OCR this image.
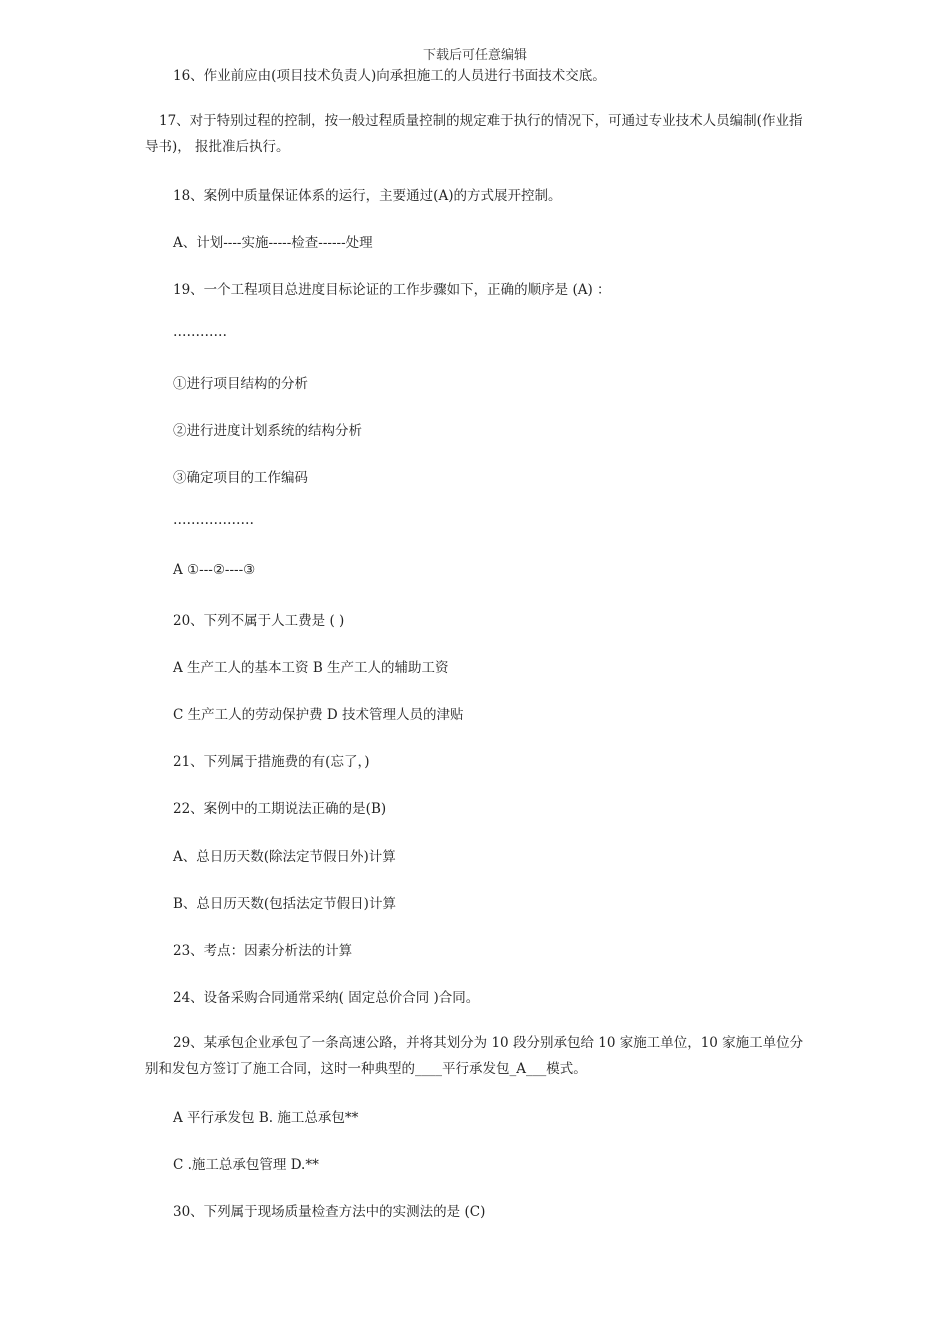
下载后可任意编辑
16、作业前应由(项目技术负责人)向承担施工的人员进行书面技术交底。
17、对于特别过程的控制，按一般过程质量控制的规定难于执行的情况下，可通过专业技术人员编制(作业指导书)， 报批准后执行。
18、案例中质量保证体系的运行，主要通过(A)的方式展开控制。
A、计划----实施-----检查------处理
19、一个工程项目总进度目标论证的工作步骤如下，正确的顺序是 (A) ：
…………
①进行项目结构的分析
②进行进度计划系统的结构分析
③确定项目的工作编码
………………
A ①---②----③
20、下列不属于人工费是 ( )
A 生产工人的基本工资 B 生产工人的辅助工资
C 生产工人的劳动保护费 D 技术管理人员的津贴
21、下列属于措施费的有(忘了，)
22、案例中的工期说法正确的是(B)
A、总日历天数(除法定节假日外)计算
B、总日历天数(包括法定节假日)计算
23、考点：因素分析法的计算
24、设备采购合同通常采纳( 固定总价合同 )合同。
29、某承包企业承包了一条高速公路，并将其划分为 10 段分别承包给 10 家施工单位，10 家施工单位分别和发包方签订了施工合同，这时一种典型的____平行承发包_A___模式。
A 平行承发包 B. 施工总承包**
C .施工总承包管理 D.**
30、下列属于现场质量检查方法中的实测法的是 (C)
